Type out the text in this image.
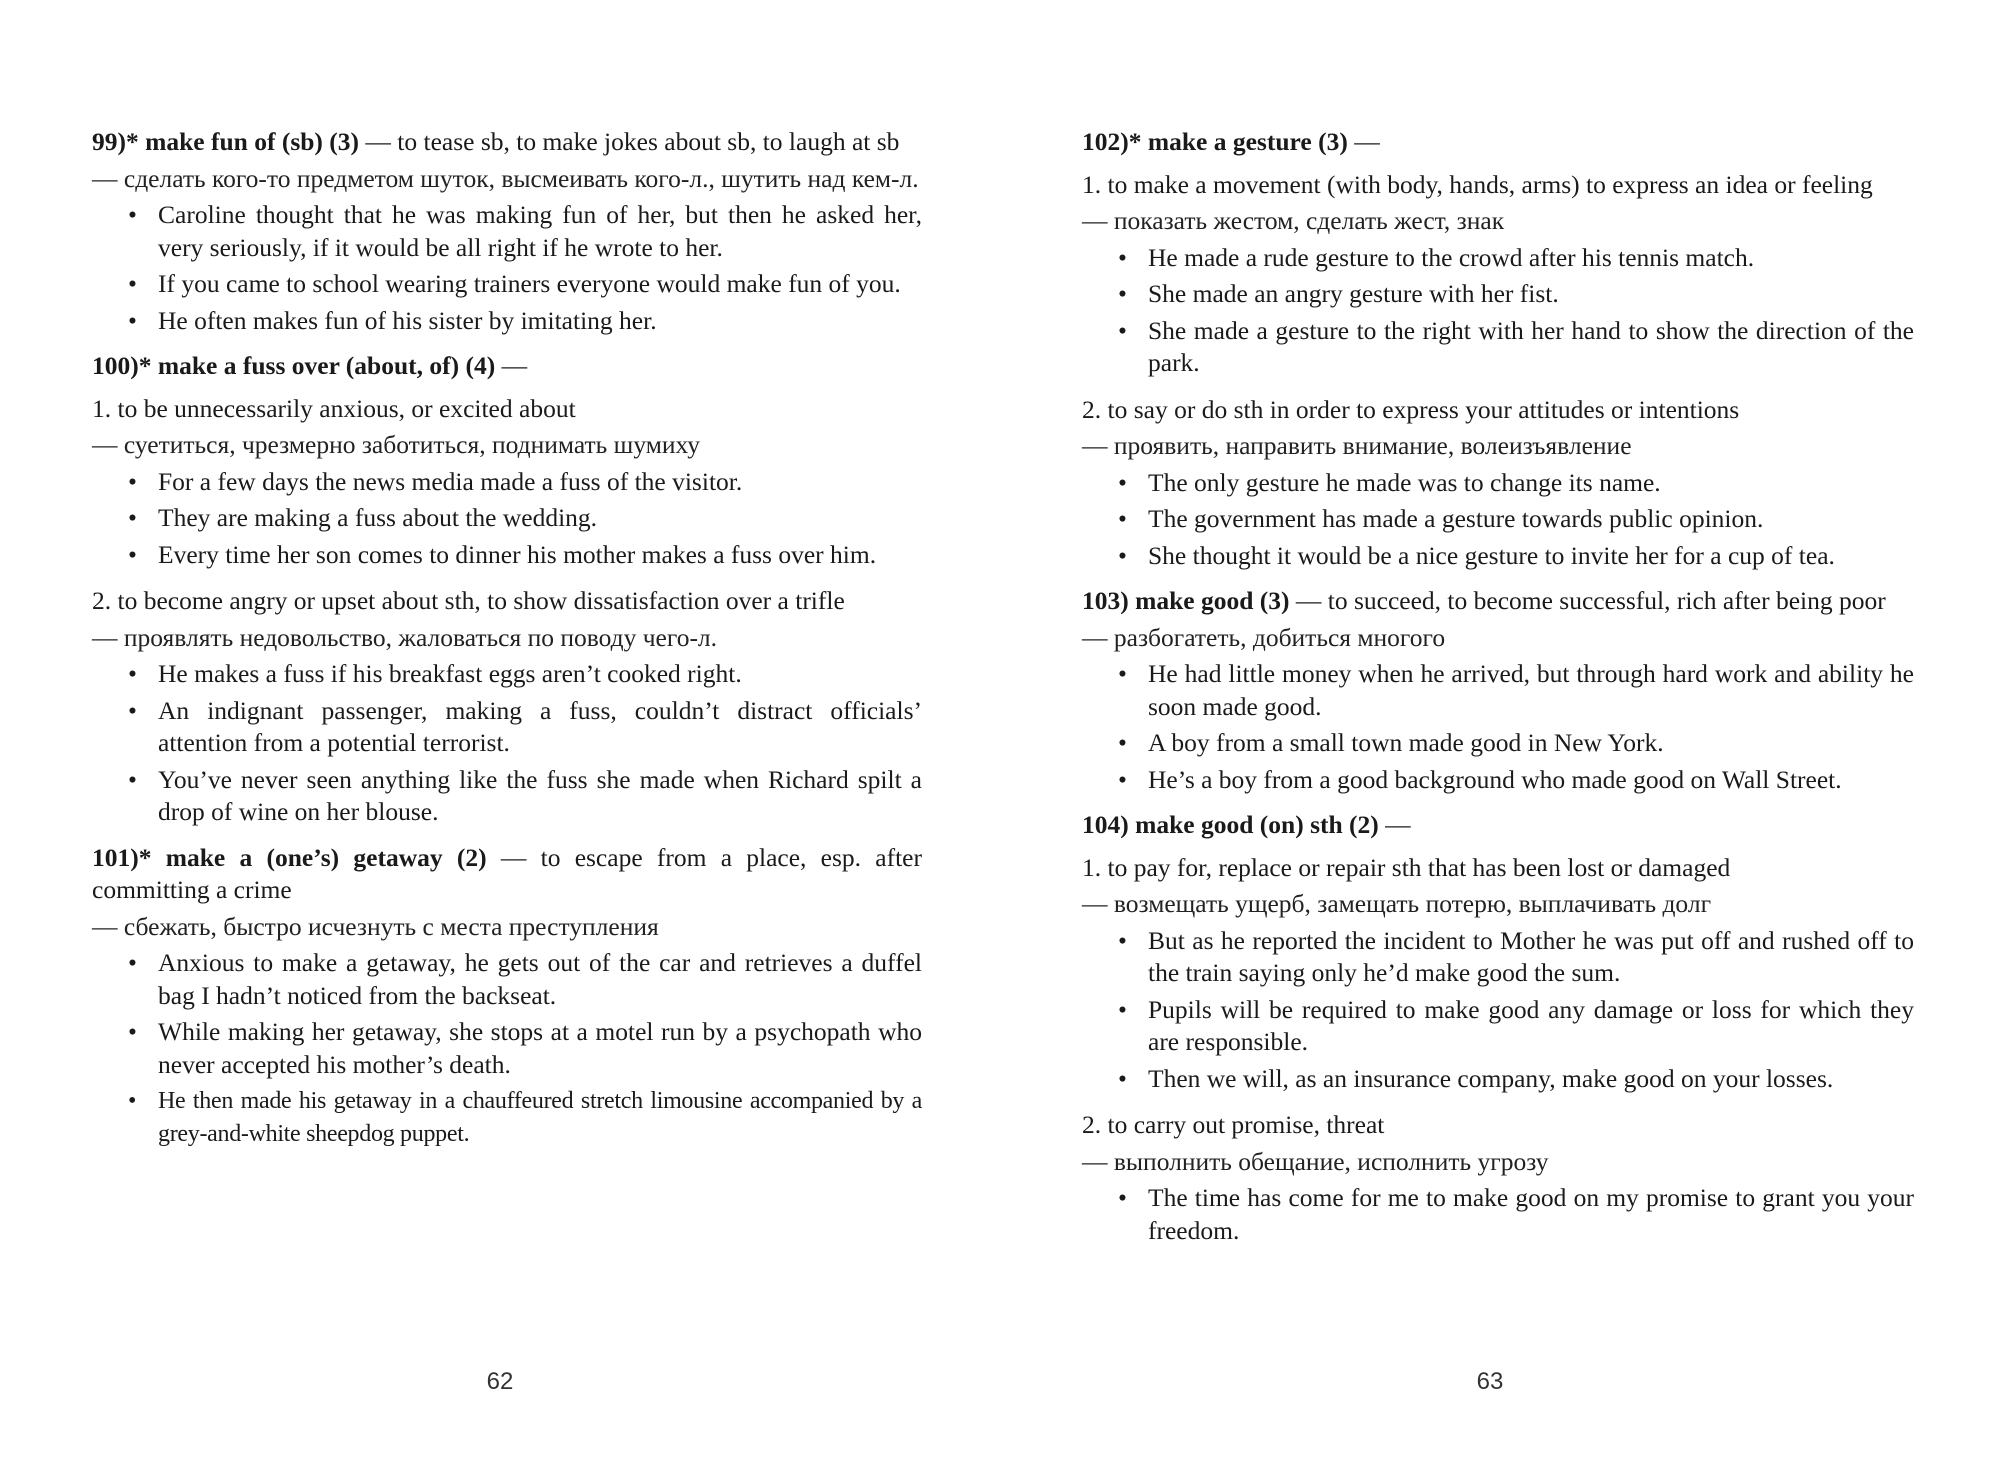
99)* make fun of (sb) (3) — to tease sb, to make jokes about sb, to laugh at sb

— сделать кого-то предметом шуток, высмеивать кого-л., шутить над кем-л.

• Caroline thought that he was making fun of her, but then he asked her, very seriously, if it would be all right if he wrote to her.
• If you came to school wearing trainers everyone would make fun of you.
• He often makes fun of his sister by imitating her.

100)* make a fuss over (about, of) (4) —

1. to be unnecessarily anxious, or excited about

— суетиться, чрезмерно заботиться, поднимать шумиху

• For a few days the news media made a fuss of the visitor.
• They are making a fuss about the wedding.
• Every time her son comes to dinner his mother makes a fuss over him.

2. to become angry or upset about sth, to show dissatisfaction over a trifle

— проявлять недовольство, жаловаться по поводу чего-л.

• He makes a fuss if his breakfast eggs aren’t cooked right.
• An indignant passenger, making a fuss, couldn’t distract officials’ attention from a potential terrorist.
• You’ve never seen anything like the fuss she made when Richard spilt a drop of wine on her blouse.

101)* make a (one’s) getaway (2) — to escape from a place, esp. after committing a crime

— сбежать, быстро исчезнуть с места преступления

• Anxious to make a getaway, he gets out of the car and retrieves a duffel bag I hadn’t noticed from the backseat.
• While making her getaway, she stops at a motel run by a psychopath who never accepted his mother’s death.
• He then made his getaway in a chauffeured stretch limousine accompanied by a grey-and-white sheepdog puppet.
62

102)* make a gesture (3) —

1. to make a movement (with body, hands, arms) to express an idea or feeling

— показать жестом, сделать жест, знак

• He made a rude gesture to the crowd after his tennis match.
• She made an angry gesture with her fist.
• She made a gesture to the right with her hand to show the direction of the park.

2. to say or do sth in order to express your attitudes or intentions

— проявить, направить внимание, волеизъявление

• The only gesture he made was to change its name.
• The government has made a gesture towards public opinion.
• She thought it would be a nice gesture to invite her for a cup of tea.

103) make good (3) — to succeed, to become successful, rich after being poor

— разбогатеть, добиться многого

• He had little money when he arrived, but through hard work and ability he soon made good.
• A boy from a small town made good in New York.
• He’s a boy from a good background who made good on Wall Street.

104) make good (on) sth (2) —

1. to pay for, replace or repair sth that has been lost or damaged

— возмещать ущерб, замещать потерю, выплачивать долг

• But as he reported the incident to Mother he was put off and rushed off to the train saying only he’d make good the sum.
• Pupils will be required to make good any damage or loss for which they are responsible.
• Then we will, as an insurance company, make good on your losses.

2. to carry out promise, threat

— выполнить обещание, исполнить угрозу

• The time has come for me to make good on my promise to grant you your freedom.
63
